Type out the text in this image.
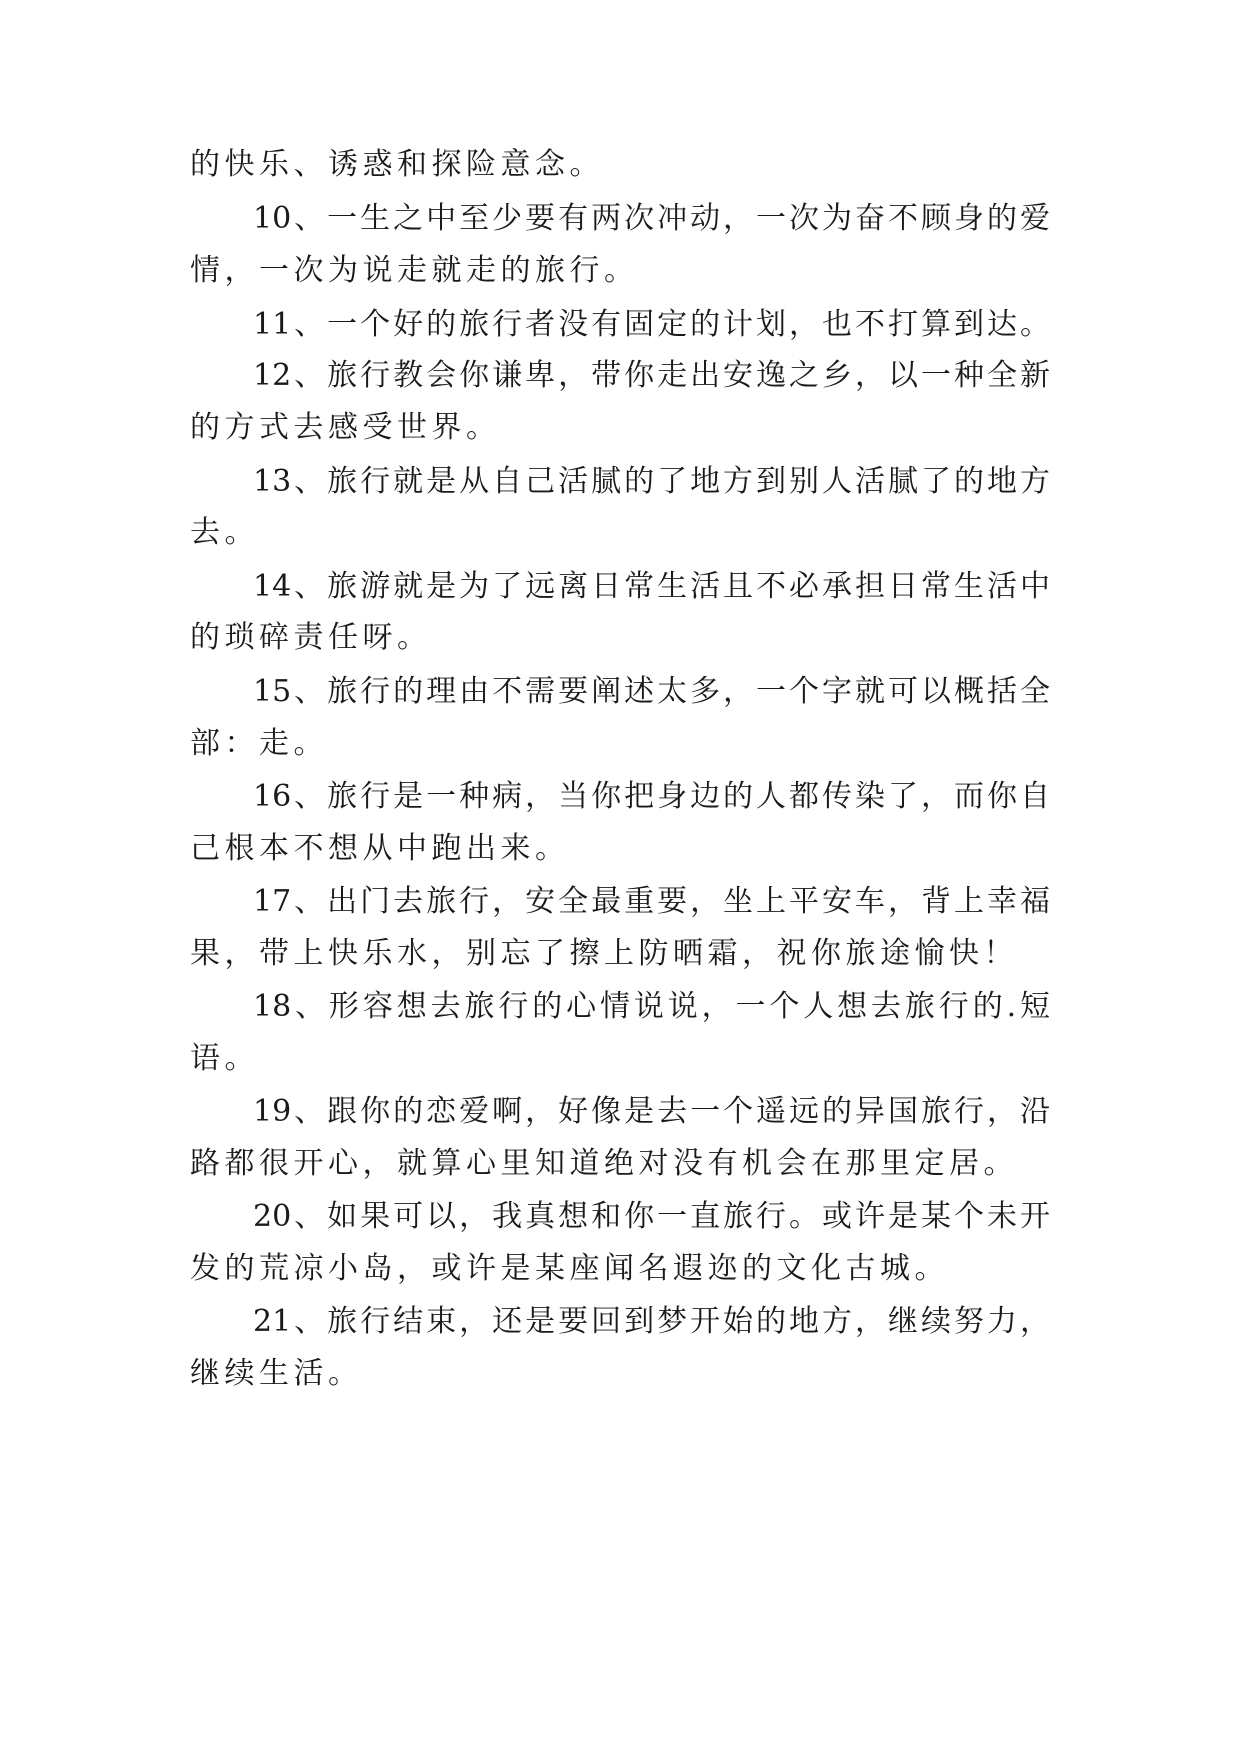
的快乐、诱惑和探险意念。

10、一生之中至少要有两次冲动，一次为奋不顾身的爱

情，一次为说走就走的旅行。

11、一个好的旅行者没有固定的计划，也不打算到达。

12、旅行教会你谦卑，带你走出安逸之乡，以一种全新

的方式去感受世界。

13、旅行就是从自己活腻的了地方到别人活腻了的地方

去。

14、旅游就是为了远离日常生活且不必承担日常生活中

的琐碎责任呀。

15、旅行的理由不需要阐述太多，一个字就可以概括全

部：走。

16、旅行是一种病，当你把身边的人都传染了，而你自

己根本不想从中跑出来。

17、出门去旅行，安全最重要，坐上平安车，背上幸福

果，带上快乐水，别忘了擦上防晒霜，祝你旅途愉快！

18、形容想去旅行的心情说说，一个人想去旅行的.短

语。

19、跟你的恋爱啊，好像是去一个遥远的异国旅行，沿

路都很开心，就算心里知道绝对没有机会在那里定居。

20、如果可以，我真想和你一直旅行。或许是某个未开

发的荒凉小岛，或许是某座闻名遐迩的文化古城。

21、旅行结束，还是要回到梦开始的地方，继续努力，

继续生活。
